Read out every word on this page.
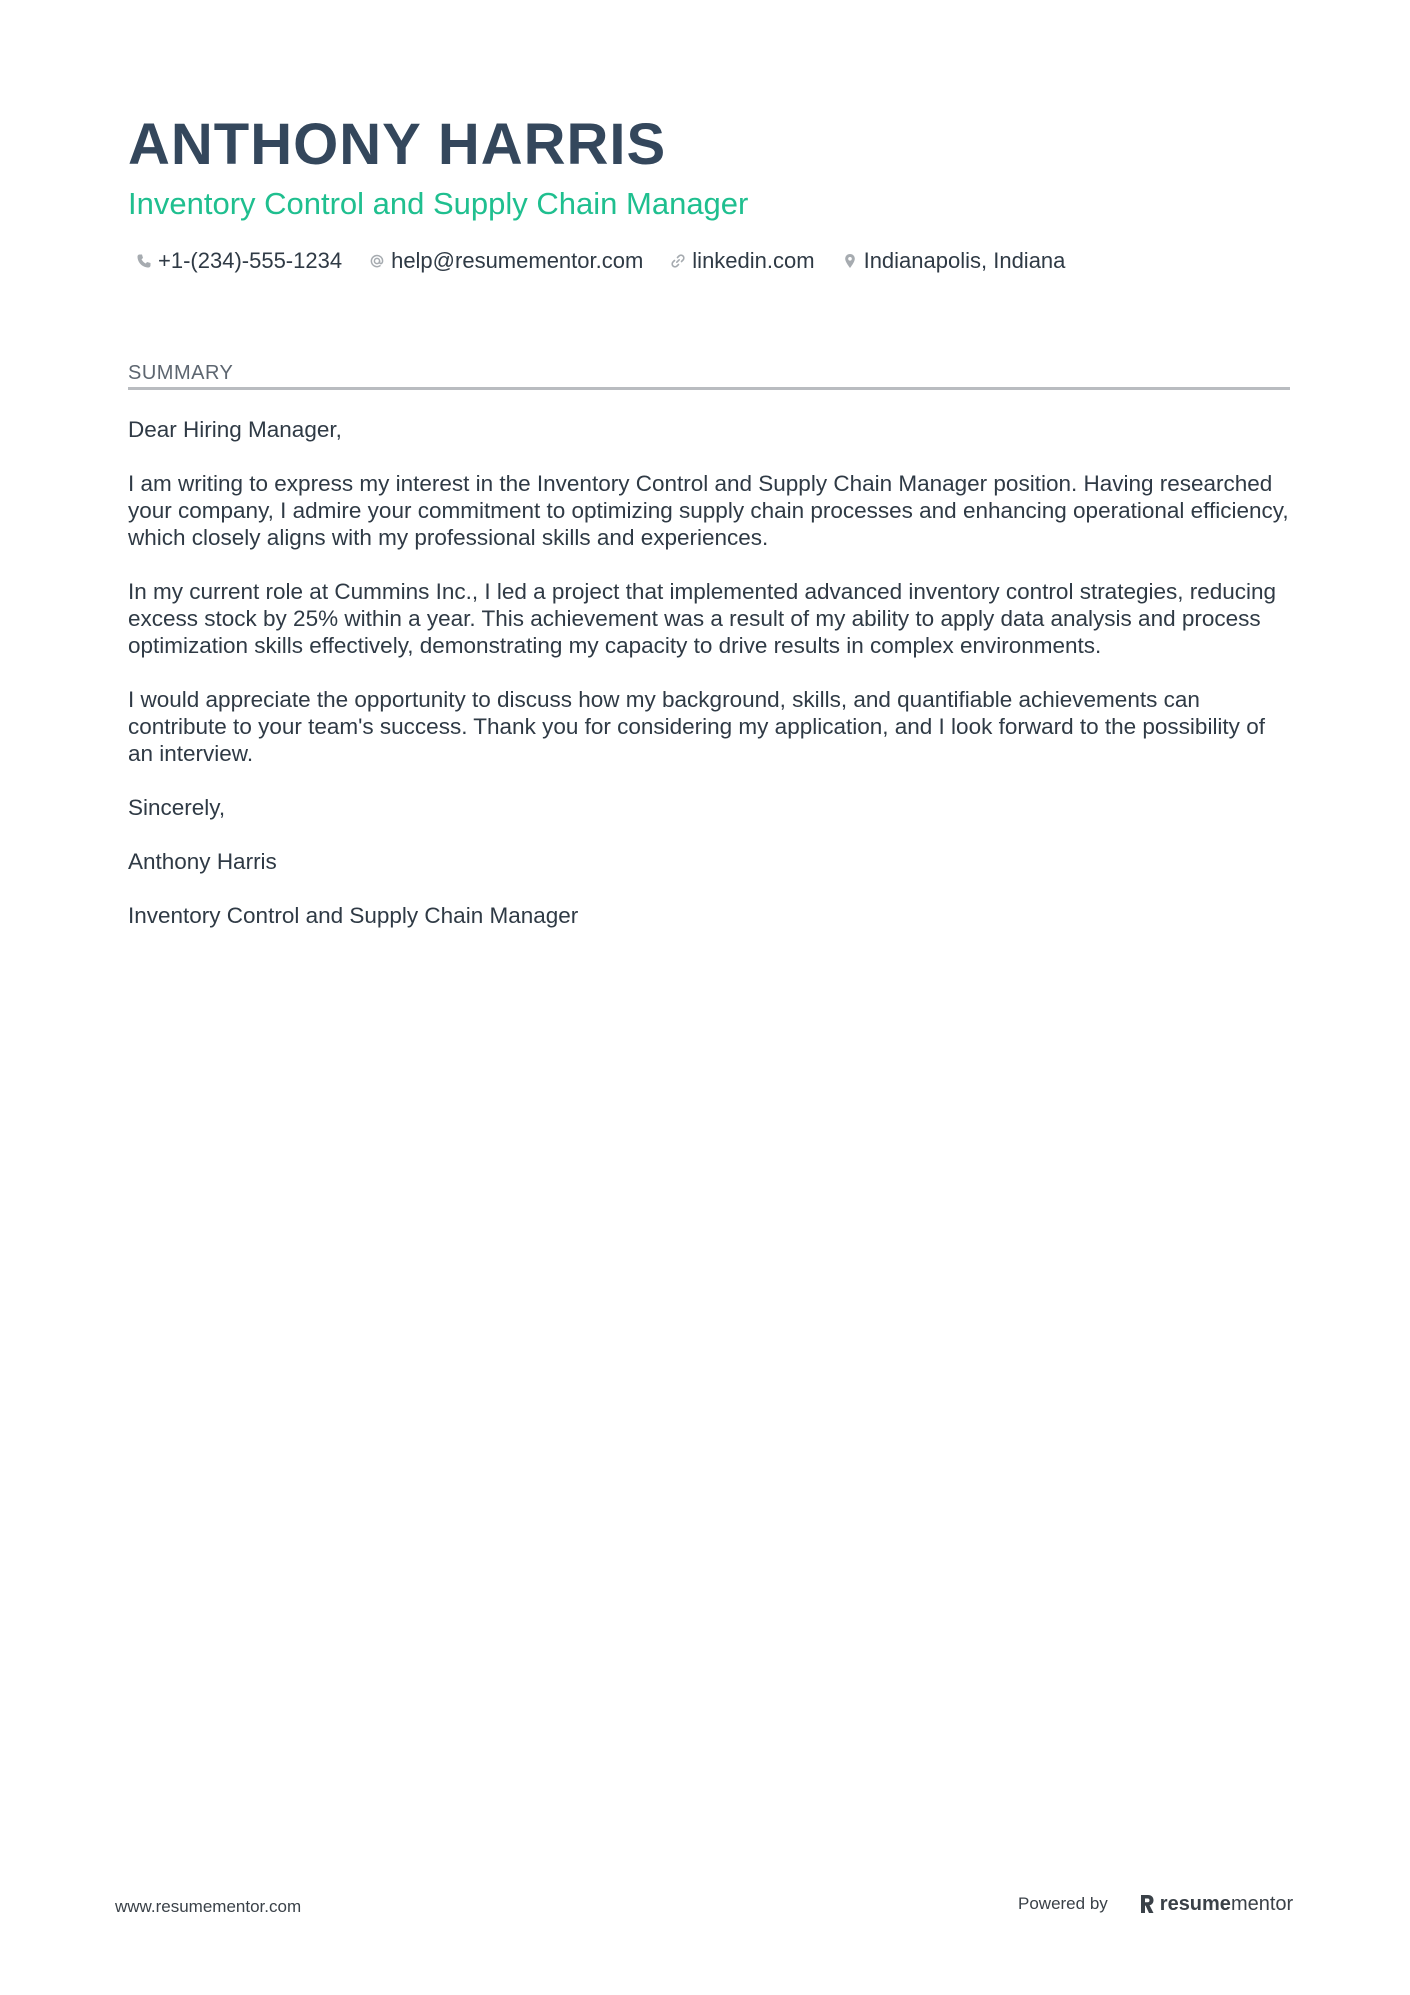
ANTHONY HARRIS
Inventory Control and Supply Chain Manager
+1-(234)-555-1234 help@resumementor.com linkedin.com Indianapolis, Indiana
SUMMARY

Dear Hiring Manager,

I am writing to express my interest in the Inventory Control and Supply Chain Manager position. Having researched your company, I admire your commitment to optimizing supply chain processes and enhancing operational efficiency, which closely aligns with my professional skills and experiences.

In my current role at Cummins Inc., I led a project that implemented advanced inventory control strategies, reducing excess stock by 25% within a year. This achievement was a result of my ability to apply data analysis and process optimization skills effectively, demonstrating my capacity to drive results in complex environments.

I would appreciate the opportunity to discuss how my background, skills, and quantifiable achievements can contribute to your team's success. Thank you for considering my application, and I look forward to the possibility of an interview.

Sincerely,

Anthony Harris

Inventory Control and Supply Chain Manager

www.resumementor.com	Powered by	resume mentor
